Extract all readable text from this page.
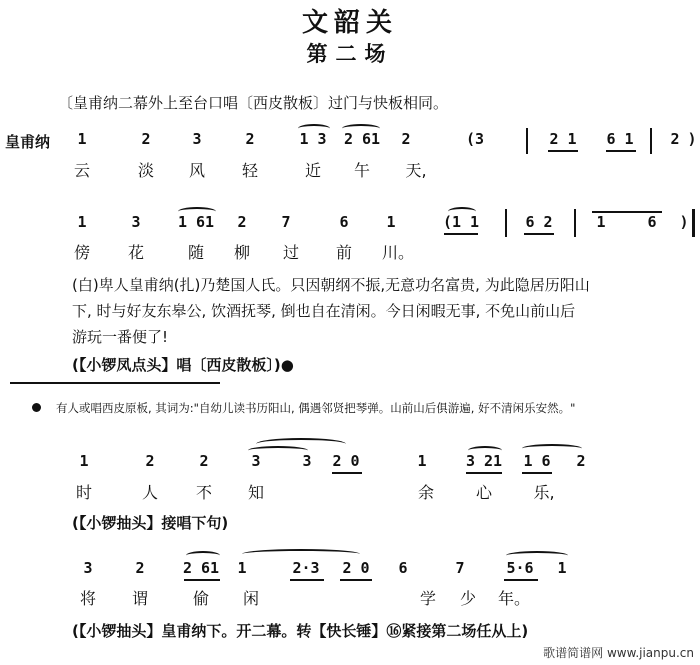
文韶关
第二场
〔皇甫纳二幕外上至台口唱〔西皮散板〕过门与快板相同。
皇甫纳 1	2	3	2	1 3 2 61 2	(3	2 1 6 1 2 )
云	淡 风 轻	近 午 天,
1	3 1 61 2 7	6	1	(1 1	6 2	1	6 )
傍 花	随 柳 过 前 川。
(白)卑人皇甫纳(扎)乃楚国人氏。只因朝纲不振,无意功名富贵, 为此隐居历阳山
下, 时与好友东皋公, 饮酒抚琴, 倒也自在清闲。今日闲暇无事, 不免山前山后
游玩一番便了!
(【小锣凤点头】唱〔西皮散板〕)●
有人或唱西皮原板, 其词为:"自幼儿读书历阳山, 偶遇邻贤把琴弹。山前山后俱游遍, 好不清闲乐安然。"
1	2	2	3	3 2 0	1	3 21 1 6 2
时	人 不 知	余	心	乐,
(【小锣抽头】接唱下句)
3	2	2 61 1	2·3 2 0 6	7	5·6 1
将 谓	偷 闲	学 少 年。
(【小锣抽头】皇甫纳下。开二幕。转【快长锤】⑯紧接第二场任从上)
歌谱简谱网 www.jianpu.cn
